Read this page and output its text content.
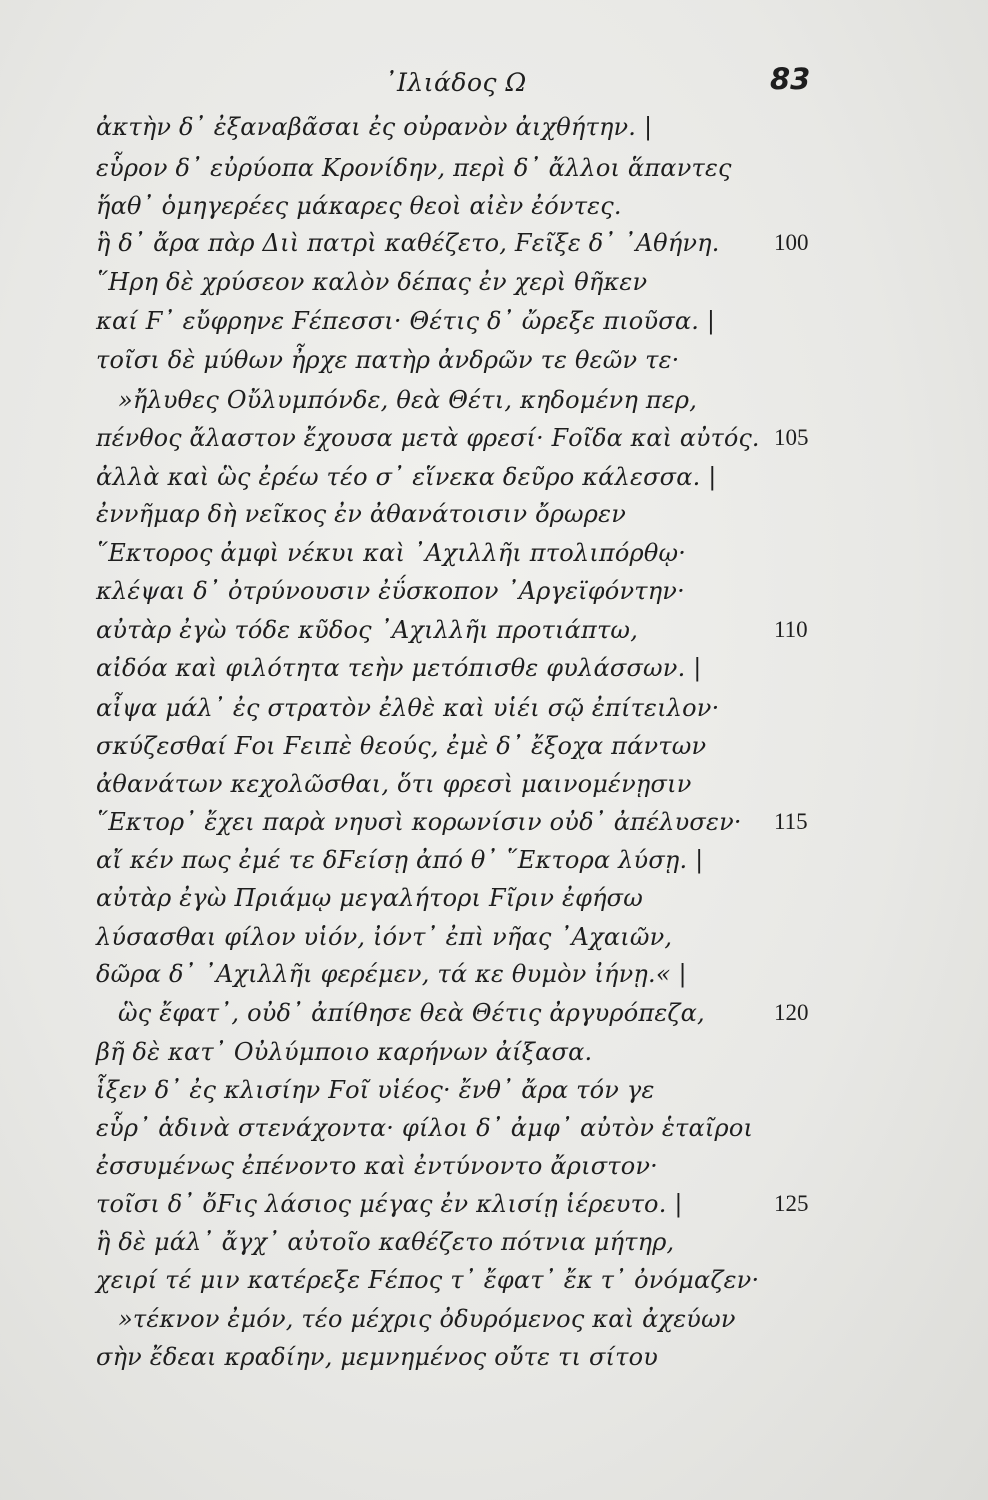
᾿Ιλιάδος Ω	83
ἀκτὴν δ᾿ ἐξαναβᾶσαι ἐς οὐρανὸν ἀιχθήτην. |
εὗρον δ᾿ εὐρύοπα Κρονίδην, περὶ δ᾿ ἄλλοι ἅπαντες
ἥαθ᾿ ὁμηγερέες μάκαρες θεοὶ αἰὲν ἐόντες.
ἣ δ᾿ ἄρα πὰρ Διὶ πατρὶ καθέζετο, Ϝεῖξε δ᾿ ᾿Αθήνη.
῞Ηρη δὲ χρύσεον καλὸν δέπας ἐν χερὶ θῆκεν
καί Ϝ᾿ εὔφρηνε Ϝέπεσσι· Θέτις δ᾿ ὤρεξε πιοῦσα. |
τοῖσι δὲ μύθων ἦρχε πατὴρ ἀνδρῶν τε θεῶν τε·
»ἤλυθες Οὔλυμπόνδε, θεὰ Θέτι, κηδομένη περ,
πένθος ἄλαστον ἔχουσα μετὰ φρεσί· Ϝοῖδα καὶ αὐτός.
ἀλλὰ καὶ ὣς ἐρέω τέο σ᾿ εἵνεκα δεῦρο κάλεσσα. |
ἐννῆμαρ δὴ νεῖκος ἐν ἀθανάτοισιν ὄρωρεν
῞Εκτορος ἀμφὶ νέκυι καὶ ᾿Αχιλλῆι πτολιπόρθῳ·
κλέψαι δ᾿ ὀτρύνουσιν ἐΰσκοπον ᾿Αργεϊφόντην·
αὐτὰρ ἐγὼ τόδε κῦδος ᾿Αχιλλῆι προτιάπτω,
αἰδόα καὶ φιλότητα τεὴν μετόπισθε φυλάσσων. |
αἶψα μάλ᾿ ἐς στρατὸν ἐλθὲ καὶ υἱέι σῷ ἐπίτειλον·
σκύζεσθαί Ϝοι Ϝειπὲ θεούς, ἐμὲ δ᾿ ἔξοχα πάντων
ἀθανάτων κεχολῶσθαι, ὅτι φρεσὶ μαινομένῃσιν
῞Εκτορ᾿ ἔχει παρὰ νηυσὶ κορωνίσιν οὐδ᾿ ἀπέλυσεν·
αἴ κέν πως ἐμέ τε δϜείσῃ ἀπό θ᾿ ῞Εκτορα λύσῃ. |
αὐτὰρ ἐγὼ Πριάμῳ μεγαλήτορι Ϝῖριν ἐφήσω
λύσασθαι φίλον υἱόν, ἰόντ᾿ ἐπὶ νῆας ᾿Αχαιῶν,
δῶρα δ᾿ ᾿Αχιλλῆι φερέμεν, τά κε θυμὸν ἰήνῃ.« |
ὣς ἔφατ᾿, οὐδ᾿ ἀπίθησε θεὰ Θέτις ἀργυρόπεζα,
βῆ δὲ κατ᾿ Οὐλύμποιο καρήνων ἀίξασα.
ἷξεν δ᾿ ἐς κλισίην Ϝοῖ υἱέος· ἔνθ᾿ ἄρα τόν γε
εὗρ᾿ ἁδινὰ στενάχοντα· φίλοι δ᾿ ἀμφ᾿ αὐτὸν ἑταῖροι
ἐσσυμένως ἐπένοντο καὶ ἐντύνοντο ἄριστον·
τοῖσι δ᾿ ὄϜις λάσιος μέγας ἐν κλισίῃ ἱέρευτο. |
ἣ δὲ μάλ᾿ ἄγχ᾿ αὐτοῖο καθέζετο πότνια μήτηρ,
χειρί τέ μιν κατέρεξε Ϝέπος τ᾿ ἔφατ᾿ ἔκ τ᾿ ὀνόμαζεν·
»τέκνον ἐμόν, τέο μέχρις ὀδυρόμενος καὶ ἀχεύων
σὴν ἔδεαι κραδίην, μεμνημένος οὔτε τι σίτου
100
105
110
115
120
125
